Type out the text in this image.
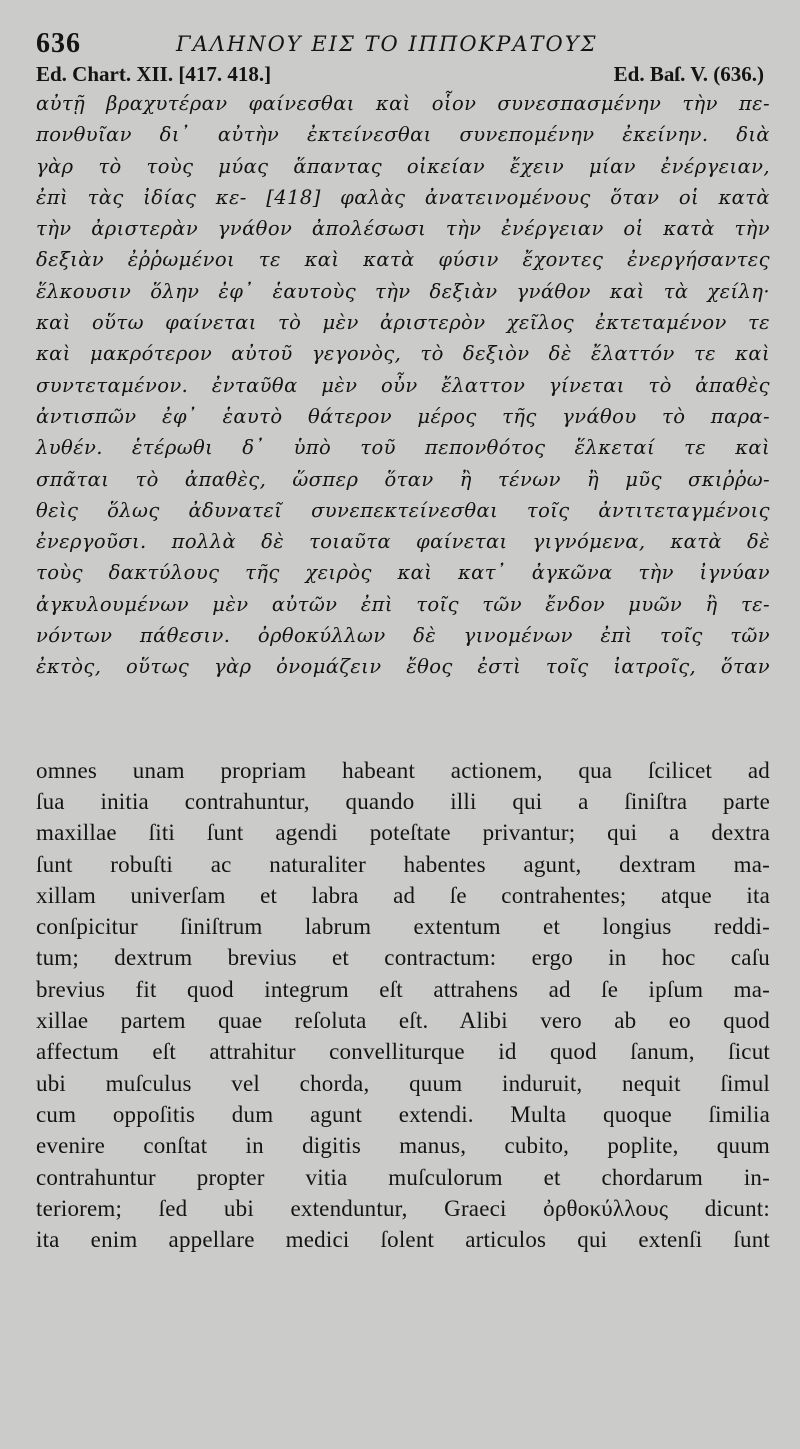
636	ΓΑΛΗΝΟΥ ΕΙΣ ΤΟ ΙΠΠΟΚΡΑΤΟΥΣ
Ed. Chart. XII. [417. 418.]	Ed. Baſ. V. (636.)
αὐτῇ βραχυτέραν φαίνεσθαι καὶ οἷον συνεσπασμένην τὴν πε-
πονθυῖαν δι᾽ αὐτὴν ἐκτείνεσθαι συνεπομένην ἐκείνην. διὰ
γὰρ τὸ τοὺς μύας ἅπαντας οἰκείαν ἔχειν μίαν ἐνέργειαν,
ἐπὶ τὰς ἰδίας κε- [418] φαλὰς ἀνατεινομένους ὅταν οἱ κατὰ
τὴν ἀριστερὰν γνάθον ἀπολέσωσι τὴν ἐνέργειαν οἱ κατὰ τὴν
δεξιὰν ἐῤῥωμένοι τε καὶ κατὰ φύσιν ἔχοντες ἐνεργήσαντες
ἕλκουσιν ὅλην ἐφ᾽ ἑαυτοὺς τὴν δεξιὰν γνάθον καὶ τὰ χείλη·
καὶ οὕτω φαίνεται τὸ μὲν ἀριστερὸν χεῖλος ἐκτεταμένον τε
καὶ μακρότερον αὐτοῦ γεγονὸς, τὸ δεξιὸν δὲ ἔλαττόν τε καὶ
συντεταμένον. ἐνταῦθα μὲν οὖν ἔλαττον γίνεται τὸ ἀπαθὲς
ἀντισπῶν ἐφ᾽ ἑαυτὸ θάτερον μέρος τῆς γνάθου τὸ παρα-
λυθέν. ἑτέρωθι δ᾽ ὑπὸ τοῦ πεπονθότος ἕλκεταί τε καὶ
σπᾶται τὸ ἀπαθὲς, ὥσπερ ὅταν ἢ τένων ἢ μῦς σκιῤῥω-
θεὶς ὅλως ἀδυνατεῖ συνεπεκτείνεσθαι τοῖς ἀντιτεταγμένοις
ἐνεργοῦσι. πολλὰ δὲ τοιαῦτα φαίνεται γιγνόμενα, κατὰ δὲ
τοὺς δακτύλους τῆς χειρὸς καὶ κατ᾽ ἀγκῶνα τὴν ἰγνύαν
ἀγκυλουμένων μὲν αὐτῶν ἐπὶ τοῖς τῶν ἔνδον μυῶν ἢ τε-
νόντων πάθεσιν. ὀρθοκύλλων δὲ γινομένων ἐπὶ τοῖς τῶν
ἐκτὸς, οὕτως γὰρ ὀνομάζειν ἔθος ἐστὶ τοῖς ἰατροῖς, ὅταν
omnes unam propriam habeant actionem, qua ſcilicet ad
ſua initia contrahuntur, quando illi qui a ſiniſtra parte
maxillae ſiti ſunt agendi poteſtate privantur; qui a dextra
ſunt robuſti ac naturaliter habentes agunt, dextram ma-
xillam univerſam et labra ad ſe contrahentes; atque ita
conſpicitur ſiniſtrum labrum extentum et longius reddi-
tum; dextrum brevius et contractum: ergo in hoc caſu
brevius fit quod integrum eſt attrahens ad ſe ipſum ma-
xillae partem quae reſoluta eſt. Alibi vero ab eo quod
affectum eſt attrahitur convelliturque id quod ſanum, ſicut
ubi muſculus vel chorda, quum induruit, nequit ſimul
cum oppoſitis dum agunt extendi. Multa quoque ſimilia
evenire conſtat in digitis manus, cubito, poplite, quum
contrahuntur propter vitia muſculorum et chordarum in-
teriorem; ſed ubi extenduntur, Graeci ὀρθοκύλλους dicunt:
ita enim appellare medici ſolent articulos qui extenſi ſunt
